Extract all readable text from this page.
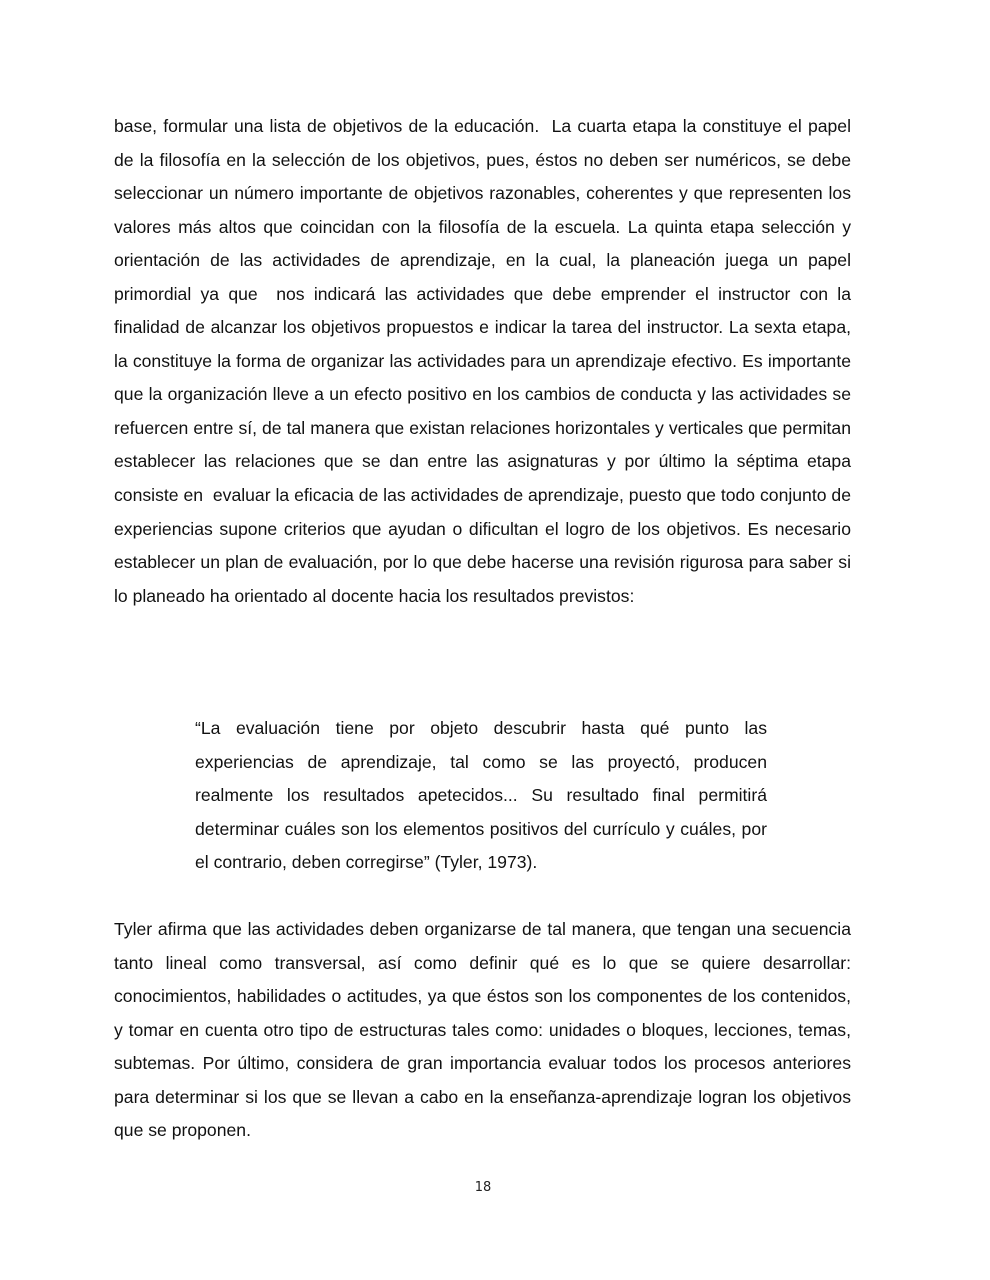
base, formular una lista de objetivos de la educación.  La cuarta etapa la constituye el papel de la filosofía en la selección de los objetivos, pues, éstos no deben ser numéricos, se debe seleccionar un número importante de objetivos razonables, coherentes y que representen los valores más altos que coincidan con la filosofía de la escuela. La quinta etapa selección y orientación de las actividades de aprendizaje, en la cual, la planeación juega un papel primordial ya que  nos indicará las actividades que debe emprender el instructor con la finalidad de alcanzar los objetivos propuestos e indicar la tarea del instructor. La sexta etapa, la constituye la forma de organizar las actividades para un aprendizaje efectivo. Es importante que la organización lleve a un efecto positivo en los cambios de conducta y las actividades se refuercen entre sí, de tal manera que existan relaciones horizontales y verticales que permitan establecer las relaciones que se dan entre las asignaturas y por último la séptima etapa consiste en  evaluar la eficacia de las actividades de aprendizaje, puesto que todo conjunto de experiencias supone criterios que ayudan o dificultan el logro de los objetivos. Es necesario establecer un plan de evaluación, por lo que debe hacerse una revisión rigurosa para saber si lo planeado ha orientado al docente hacia los resultados previstos:

“La evaluación tiene por objeto descubrir hasta qué punto las experiencias de aprendizaje, tal como se las proyectó, producen realmente los resultados apetecidos... Su resultado final permitirá determinar cuáles son los elementos positivos del currículo y cuáles, por el contrario, deben corregirse” (Tyler, 1973).

Tyler afirma que las actividades deben organizarse de tal manera, que tengan una secuencia tanto lineal como transversal, así como definir qué es lo que se quiere desarrollar: conocimientos, habilidades o actitudes, ya que éstos son los componentes de los contenidos, y tomar en cuenta otro tipo de estructuras tales como: unidades o bloques, lecciones, temas, subtemas. Por último, considera de gran importancia evaluar todos los procesos anteriores para determinar si los que se llevan a cabo en la enseñanza-aprendizaje logran los objetivos que se proponen.

18
